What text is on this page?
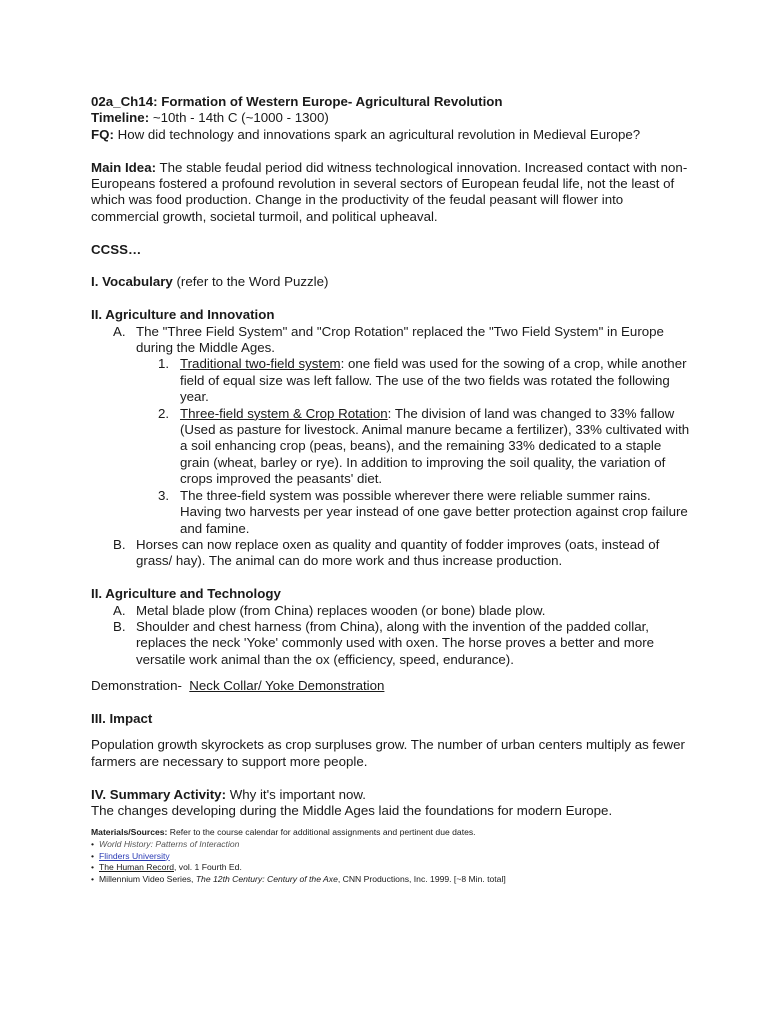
02a_Ch14: Formation of Western Europe- Agricultural Revolution

Timeline: ~10th - 14th C (~1000 - 1300)

FQ: How did technology and innovations spark an agricultural revolution in Medieval Europe?

Main Idea: The stable feudal period did witness technological innovation. Increased contact with non-Europeans fostered a profound revolution in several sectors of European feudal life, not the least of which was food production. Change in the productivity of the feudal peasant will flower into commercial growth, societal turmoil, and political upheaval.

CCSS…

I. Vocabulary (refer to the Word Puzzle)

II. Agriculture and Innovation

A. The "Three Field System" and "Crop Rotation" replaced the "Two Field System" in Europe during the Middle Ages.
1. Traditional two-field system: one field was used for the sowing of a crop, while another field of equal size was left fallow. The use of the two fields was rotated the following year.
2. Three-field system & Crop Rotation: The division of land was changed to 33% fallow (Used as pasture for livestock. Animal manure became a fertilizer), 33% cultivated with a soil enhancing crop (peas, beans), and the remaining 33% dedicated to a staple grain (wheat, barley or rye). In addition to improving the soil quality, the variation of crops improved the peasants' diet.
3. The three-field system was possible wherever there were reliable summer rains. Having two harvests per year instead of one gave better protection against crop failure and famine.
B. Horses can now replace oxen as quality and quantity of fodder improves (oats, instead of grass/ hay). The animal can do more work and thus increase production.

II. Agriculture and Technology

A. Metal blade plow (from China) replaces wooden (or bone) blade plow.
B. Shoulder and chest harness (from China), along with the invention of the padded collar, replaces the neck 'Yoke' commonly used with oxen. The horse proves a better and more versatile work animal than the ox (efficiency, speed, endurance).

Demonstration-  Neck Collar/ Yoke Demonstration

III. Impact

Population growth skyrockets as crop surpluses grow. The number of urban centers multiply as fewer farmers are necessary to support more people.

IV. Summary Activity: Why it's important now.

The changes developing during the Middle Ages laid the foundations for modern Europe.

Materials/Sources: Refer to the course calendar for additional assignments and pertinent due dates.

• World History: Patterns of Interaction
• Flinders University
• The Human Record, vol. 1 Fourth Ed.
• Millennium Video Series, The 12th Century: Century of the Axe, CNN Productions, Inc. 1999. [~8 Min. total]
